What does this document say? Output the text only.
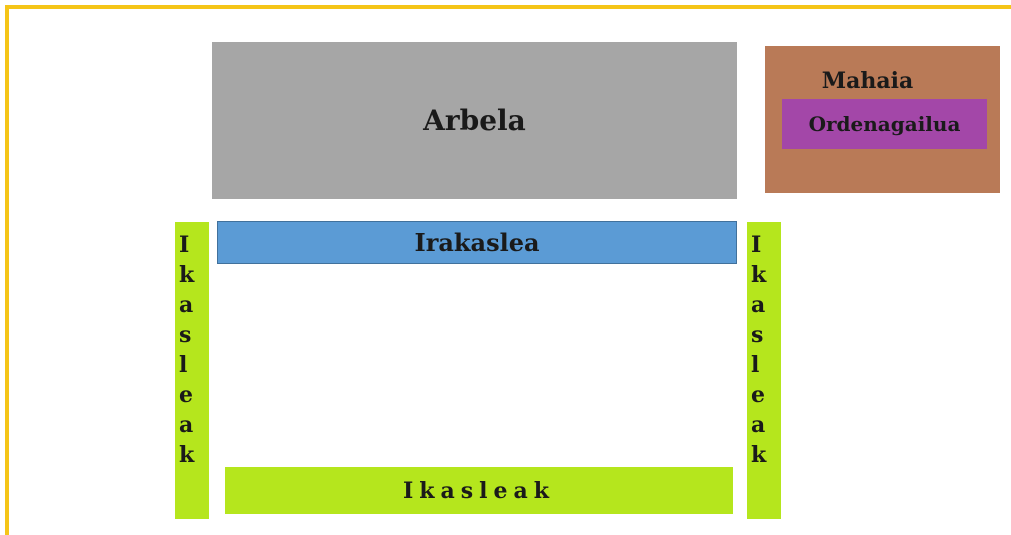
Arbela
Mahaia
Ordenagailua
Irakaslea
Ikasleak
Ikasleak
Ikasleak
